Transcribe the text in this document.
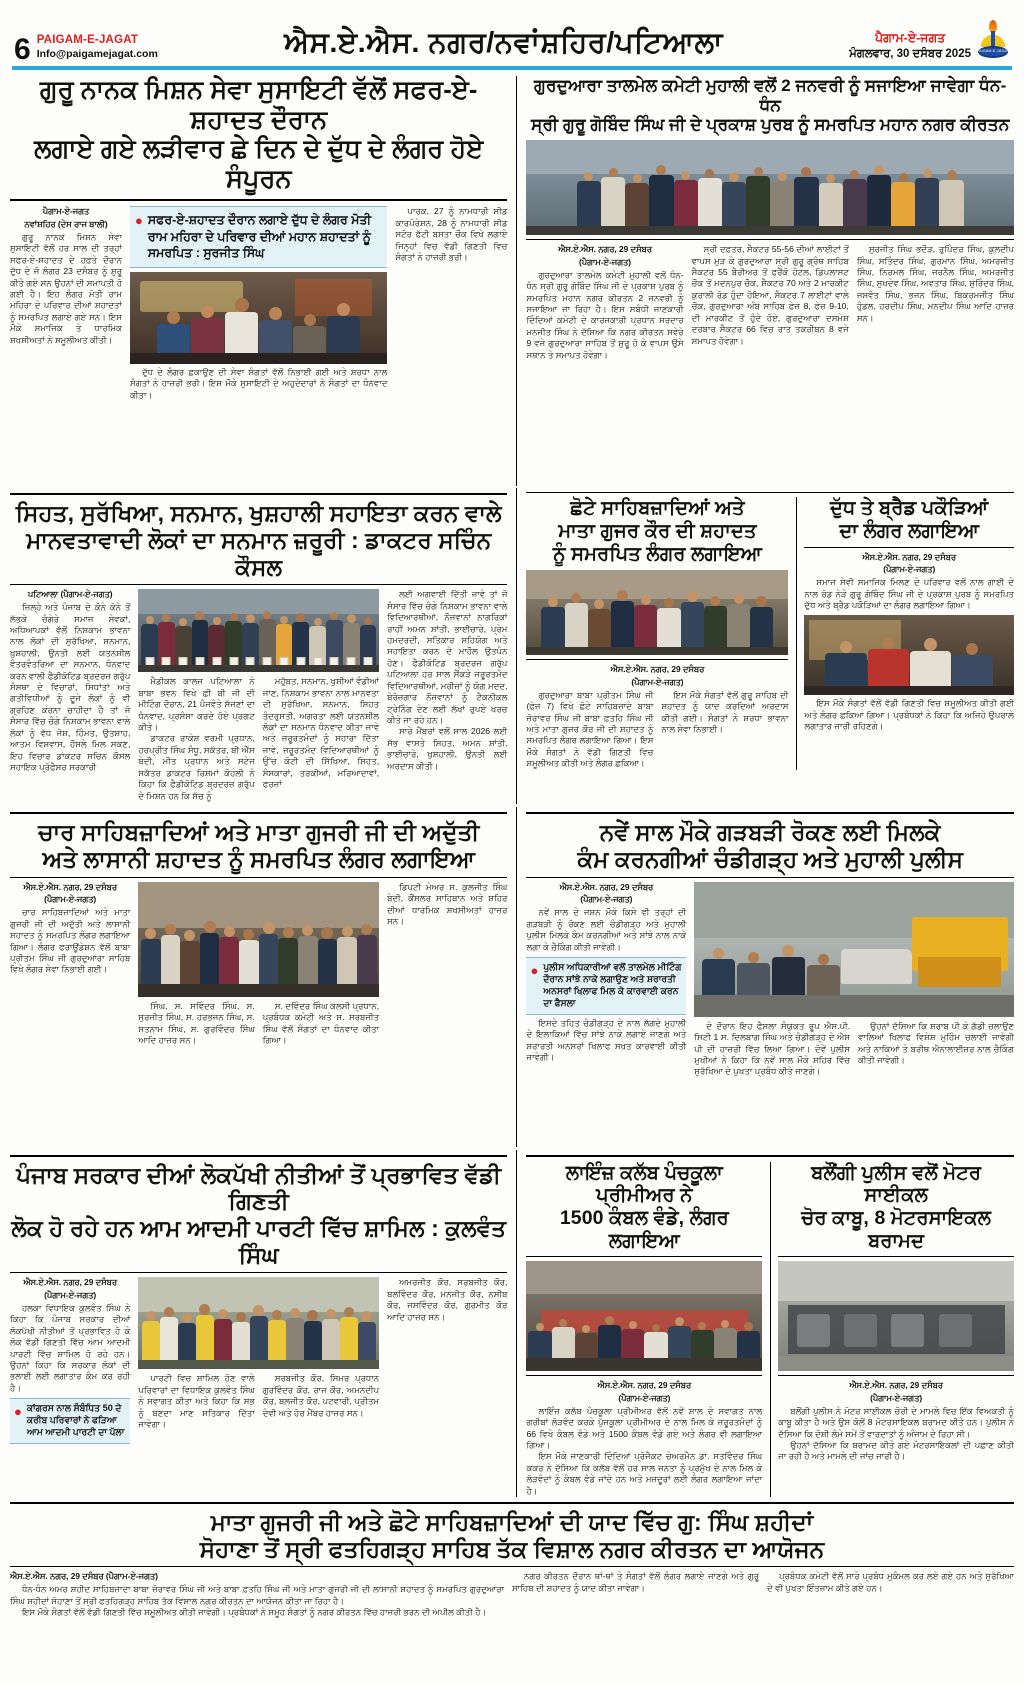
6 PAIGAM-E-JAGAT
Info@paigamejagat.com	ਐਸ.ਏ.ਐਸ. ਨਗਰ/ਨਵਾਂਸ਼ਹਿਰ/ਪਟਿਆਲਾ	ਪੈਗਾਮ-ਏ-ਜਗਤ
ਮੰਗਲਵਾਰ, 30 ਦਸੰਬਰ 2025 PAIGAM-E-JAGAT
ਗੁਰੂ ਨਾਨਕ ਮਿਸ਼ਨ ਸੇਵਾ ਸੁਸਾਇਟੀ ਵੱਲੋਂ ਸਫਰ-ਏ-ਸ਼ਹਾਦਤ ਦੌਰਾਨ
ਲਗਾਏ ਗਏ ਲੜੀਵਾਰ ਛੇ ਦਿਨ ਦੇ ਦੁੱਧ ਦੇ ਲੰਗਰ ਹੋਏ ਸੰਪੂਰਨ
ਪੈਗਾਮ-ਏ-ਜਗਤ
ਨਵਾਂਸ਼ਹਿਰ (ਦੇਸ ਰਾਜ ਬਾਲੀ)

ਗੁਰੂ ਨਾਨਕ ਮਿਸ਼ਨ ਸੇਵਾ ਸੁਸਾਇਟੀ ਵੱਲੋਂ ਹਰ ਸਾਲ ਦੀ ਤਰ੍ਹਾਂ ਸਫਰ-ਏ-ਸ਼ਹਾਦਤ ਦੇ ਹਫ਼ਤੇ ਦੌਰਾਨ ਦੁੱਧ ਦੇ ਜੋ ਲੰਗਰ 23 ਦਸੰਬਰ ਨੂੰ ਸ਼ੁਰੂ ਕੀਤੇ ਗਏ ਸਨ ਉਹਨਾਂ ਦੀ ਸਮਾਪਤੀ ਹੋ ਗਈ ਹੈ। ਇਹ ਲੰਗਰ ਮੋਤੀ ਰਾਮ ਮਹਿਰਾ ਦੇ ਪਰਿਵਾਰ ਦੀਆਂ ਸ਼ਹਾਦਤਾਂ ਨੂੰ ਸਮਰਪਿਤ ਲਗਾਏ ਗਏ ਸਨ। ਇਸ ਮੌਕੇ ਸਮਾਜਿਕ ਤੇ ਧਾਰਮਿਕ ਸ਼ਖਸੀਅਤਾਂ ਨੇ ਸ਼ਮੂਲੀਅਤ ਕੀਤੀ।

● ਸਫਰ-ਏ-ਸ਼ਹਾਦਤ ਦੌਰਾਨ ਲਗਾਏ ਦੁੱਧ ਦੇ ਲੰਗਰ ਮੋਤੀ ਰਾਮ ਮਹਿਰਾ ਦੇ ਪਰਿਵਾਰ ਦੀਆਂ ਮਹਾਨ ਸ਼ਹਾਦਤਾਂ ਨੂੰ ਸਮਰਪਿਤ : ਸੁਰਜੀਤ ਸਿੰਘ

ਦੁੱਧ ਦੇ ਲੰਗਰ ਛਕਾਉਣ ਦੀ ਸੇਵਾ ਸੰਗਤਾਂ ਵੱਲੋਂ ਨਿਭਾਈ ਗਈ ਅਤੇ ਸ਼ਰਧਾ ਨਾਲ ਸੰਗਤਾਂ ਨੇ ਹਾਜ਼ਰੀ ਭਰੀ। ਇਸ ਮੌਕੇ ਸੁਸਾਇਟੀ ਦੇ ਅਹੁਦੇਦਾਰਾਂ ਨੇ ਸੰਗਤਾਂ ਦਾ ਧੰਨਵਾਦ ਕੀਤਾ।

ਪਾਰਕ, 27 ਨੂੰ ਨਾਮਧਾਰੀ ਸੀਡ ਕਾਰਪੋਰੇਸ਼ਨ, 28 ਨੂੰ ਨਾਮਧਾਰੀ ਸੀਡ ਸਟੋਰ ਫੱਟੀ ਬਸਤਾ ਚੌਕ ਵਿਖੇ ਲਗਾਏ ਜਿਨ੍ਹਾਂ ਵਿਚ ਵੱਡੀ ਗਿਣਤੀ ਵਿਚ ਸੰਗਤਾਂ ਨੇ ਹਾਜ਼ਰੀ ਭਰੀ।

ਗੁਰਦੁਆਰਾ ਤਾਲਮੇਲ ਕਮੇਟੀ ਮੁਹਾਲੀ ਵਲੋਂ 2 ਜਨਵਰੀ ਨੂੰ ਸਜਾਇਆ ਜਾਵੇਗਾ ਧੰਨ-ਧੰਨ
ਸ੍ਰੀ ਗੁਰੂ ਗੋਬਿੰਦ ਸਿੰਘ ਜੀ ਦੇ ਪ੍ਰਕਾਸ਼ ਪੁਰਬ ਨੂੰ ਸਮਰਪਿਤ ਮਹਾਨ ਨਗਰ ਕੀਰਤਨ
ਐਸ.ਏ.ਐਸ. ਨਗਰ, 29 ਦਸੰਬਰ
(ਪੈਗਾਮ-ਏ-ਜਗਤ)

ਗੁਰਦੁਆਰਾ ਤਾਲਮੇਲ ਕਮੇਟੀ ਮੁਹਾਲੀ ਵਲੋਂ ਧੰਨ-ਧੰਨ ਸ੍ਰੀ ਗੁਰੂ ਗੋਬਿੰਦ ਸਿੰਘ ਜੀ ਦੇ ਪ੍ਰਕਾਸ਼ ਪੁਰਬ ਨੂੰ ਸਮਰਪਿਤ ਮਹਾਨ ਨਗਰ ਕੀਰਤਨ 2 ਜਨਵਰੀ ਨੂੰ ਸਜਾਇਆ ਜਾ ਰਿਹਾ ਹੈ। ਇਸ ਸਬੰਧੀ ਜਾਣਕਾਰੀ ਦਿੰਦਿਆਂ ਕਮੇਟੀ ਦੇ ਕਾਰਜਕਾਰੀ ਪ੍ਰਧਾਨ ਸਰਦਾਰ ਮਨਜੀਤ ਸਿੰਘ ਨੇ ਦੱਸਿਆ ਕਿ ਨਗਰ ਕੀਰਤਨ ਸਵੇਰੇ 9 ਵਜੇ ਗੁਰਦੁਆਰਾ ਸਾਹਿਬ ਤੋਂ ਸ਼ੁਰੂ ਹੋ ਕੇ ਵਾਪਸ ਉਸੇ ਸਥਾਨ ਤੇ ਸਮਾਪਤ ਹੋਵੇਗਾ।

ਸ੍ਰੀ ਦਫ਼ਤਰ, ਸੈਕਟਰ 55-56 ਦੀਆਂ ਲਾਈਟਾਂ ਤੋਂ ਵਾਪਸ ਮੁੜ ਕੇ ਗੁਰਦੁਆਰਾ ਸ੍ਰੀ ਗੁਰੂ ਗ੍ਰੰਥ ਸਾਹਿਬ ਸੈਕਟਰ 55 ਬੈਰੀਅਰ ਤੋਂ ਫਰੈਂਕੋ ਹੋਟਲ, ਡਿਪਲਾਸਟ ਚੌਕ ਤੋਂ ਮਦਨਪੁਰ ਚੌਕ, ਸੈਕਟਰ 70 ਅਤੇ 2 ਮਾਰਕੀਟ ਕੁਰਾਲੀ ਰੋਡ ਹੁੰਦਾ ਹੋਇਆ, ਸੈਕਟਰ 7 ਲਾਈਟਾਂ ਵਾਲੇ ਚੌਕ, ਗੁਰਦੁਆਰਾ ਅੰਬ ਸਾਹਿਬ ਫੇਜ਼ 8, ਫੇਜ਼ 9-10, ਦੀ ਮਾਰਕੀਟ ਤੋਂ ਹੁੰਦੇ ਹੋਏ, ਗੁਰਦੁਆਰਾ ਦਸਮੇਸ਼ ਦਰਬਾਰ ਸੈਕਟਰ 66 ਵਿਚ ਰਾਤ ਤਕਰੀਬਨ 8 ਵਜੇ ਸਮਾਪਤ ਹੋਵੇਗਾ।

ਸੁਰਜੀਤ ਸਿੰਘ ਭਦੌੜ, ਰੁਪਿੰਦਰ ਸਿੰਘ, ਕੁਲਦੀਪ ਸਿੰਘ, ਸਤਿੰਦਰ ਸਿੰਘ, ਗੁਰਮਾਨ ਸਿੰਘ, ਅਮਰਜੀਤ ਸਿੰਘ, ਨਿਰਮਲ ਸਿੰਘ, ਜਰਨੈਲ ਸਿੰਘ, ਅਮਰਜੀਤ ਸਿੰਘ, ਸੁਖਦੇਵ ਸਿੰਘ, ਅਵਤਾਰ ਸਿੰਘ, ਸੁਰਿੰਦਰ ਸਿੰਘ, ਜਸਵੰਤ ਸਿੰਘ, ਭਜਨ ਸਿੰਘ, ਬਿਕਰਮਜੀਤ ਸਿੰਘ ਹੁੰਡਲ, ਹਰਦੀਪ ਸਿੰਘ, ਮਨਦੀਪ ਸਿੰਘ ਆਦਿ ਹਾਜ਼ਰ ਸਨ।

ਸਿਹਤ, ਸੁਰੱਖਿਆ, ਸਨਮਾਨ, ਖੁਸ਼ਹਾਲੀ ਸਹਾਇਤਾ ਕਰਨ ਵਾਲੇ
ਮਾਨਵਤਾਵਾਦੀ ਲੋਕਾਂ ਦਾ ਸਨਮਾਨ ਜ਼ਰੂਰੀ : ਡਾਕਟਰ ਸਚਿੰਨ ਕੌਸਲ
ਪਟਿਆਲਾ (ਪੈਗਾਮ-ਏ-ਜਗਤ)

ਜ਼ਿਲ੍ਹੇ ਅਤੇ ਪੰਜਾਬ ਦੇ ਕੋਨੇ ਕੋਨੇ ਤੋਂ ਲੱਭਕੇ ਚੰਗੇਰੇ ਸਮਾਜ ਸੇਵਕਾਂ, ਅਧਿਆਪਕਾਂ ਵੱਲੋਂ ਨਿਸ਼ਕਾਮ ਭਾਵਨਾ ਨਾਲ ਲੋਕਾਂ ਦੀ ਸੁਰੱਖਿਆ, ਸਨਮਾਨ, ਖੁਸ਼ਹਾਲੀ, ਉਨਤੀ ਲਈ ਯਤਨਸ਼ੀਲ ਵੰਤਰਵੰਤਰਿਆ ਦਾ ਸਨਮਾਨ, ਧੰਨਵਾਦ ਕਰਨ ਵਾਲੀ ਫੈਡੀਕੋਟਿਡ ਬ੍ਰਦਰਜ਼ ਗਰੁੱਪ ਸੰਸਥਾ ਦੇ ਵਿਚਾਰਾਂ, ਸਿਧਾਂਤਾਂ ਅਤੇ ਗਤੀਵਿਧੀਆਂ ਨੂੰ ਦੂਜੇ ਲੋਕਾਂ ਨੂੰ ਵੀ ਗ੍ਰਹਿਣ ਕਰਨਾ ਚਾਹੀਦਾ ਹੈ ਤਾਂ ਜੋ ਸੰਸਾਰ ਵਿੱਚ ਚੰਗੇ ਨਿਸ਼ਕਾਮ ਭਾਵਨਾ ਵਾਲੇ ਲੋਕਾਂ ਨੂੰ ਵੱਧ ਜੋਸ਼, ਹਿੰਮਤ, ਉਤਸ਼ਾਹ, ਆਤਮ ਵਿਸ਼ਵਾਸ, ਹੌਸਲੇ ਮਿਲ ਸਕਣ, ਇਹ ਵਿਚਾਰ ਡਾਕਟਰ ਸਚਿਨ ਕੌਸਲ ਸਹਾਇਕ ਪ੍ਰੋਫੈਸਰ ਸਰਕਾਰੀ

ਮੈਡੀਕਲ ਕਾਲਜ ਪਟਿਆਲਾ ਨੇ ਬਾਬਾ ਭਵਨ ਵਿਖੇ ਛੀ ਬੀ ਜੀ ਦੀ ਮੀਟਿੰਗ ਦੌਰਾਨ, 21 ਪੰਜਵੰਤੇ ਸੱਜਣਾਂ ਦਾ ਧੰਨਵਾਦ, ਪ੍ਰਸੰਸਾ ਕਰਦੇ ਹੋਏ ਪ੍ਰਗਟ ਕੀਤੇ।

ਡਾਕਟਰ ਰਾਕੇਸ਼ ਵਰਮੀ ਪ੍ਰਧਾਨ, ਹਰਪ੍ਰੀਤ ਸਿੰਘ ਸੰਧੂ, ਸਕੱਤਰ, ਬੀ ਐੱਸ ਬੇਦੀ, ਮੀਤ ਪ੍ਰਧਾਨ ਅਤੇ ਸਟੇਜ ਸਕੱਤਰ ਡਾਕਟਰ ਰਿਸ਼ਮਾਂ ਕੋਹਲੀ ਨੇ ਕਿਹਾ ਕਿ ਫੈਡੀਕੋਟਿਡ ਬ੍ਰਦਰਜ਼ ਗਰੁੱਪ ਦੇ ਮਿਸ਼ਨ ਹਨ ਕਿ ਸੱਚ ਨੂੰ

ਮਹੁੱਬਤ, ਸਨਮਾਨ, ਖੁਸ਼ੀਆਂ ਵੰਡੀਆਂ ਜਾਣ, ਨਿਸ਼ਕਾਮ ਭਾਵਨਾ ਨਾਲ ਮਾਨਵਤਾ ਦੀ ਸੁਰੱਖਿਆ, ਸਨਮਾਨ, ਸਿਹਤ ਤੰਦਰੁਸਤੀ, ਅਗਰਤਾ ਲਈ ਯਤਨਸ਼ੀਲ ਲੋਕਾਂ ਦਾ ਸਨਮਾਨ ਧੰਨਵਾਦ ਕੀਤਾ ਜਾਵੇ ਅਤੇ ਜ਼ਰੂਰਤਮੰਦਾਂ ਨੂੰ ਸਹਾਰਾ ਦਿੱਤਾ ਜਾਵੇ, ਜ਼ਰੂਰਤਮੰਦ ਵਿਦਿਆਰਥੀਆਂ ਨੂੰ ਉੱਚ ਕੋਟੀ ਦੀ ਸਿੱਖਿਆ, ਸਿਹਤ, ਸੰਸਕਾਰਾਂ, ਤਰਕੀਆਂ, ਮਰਿਆਦਾਵਾਂ, ਫਰਜ਼ਾਂ

ਲਈ ਅਗਵਾਈ ਦਿੱਤੀ ਜਾਵੇ ਤਾਂ ਜੋ ਸੰਸਾਰ ਵਿੱਚ ਚੰਗੇ ਨਿਸ਼ਕਾਮ ਭਾਵਨਾ ਵਾਲੇ ਵਿਦਿਆਰਥੀਆਂ, ਨੌਜਵਾਨਾਂ ਨਾਗਰਿਕਾਂ ਰਾਹੀਂ ਅਮਨ ਸ਼ਾਂਤੀ, ਭਾਈਚਾਰੇ, ਪ੍ਰੇਮ ਹਮਦਰਦੀ, ਸਤਿਕਾਰ ਸਹਿਯੋਗ ਅਤੇ ਸਹਾਇਤਾ ਕਰਨ ਦੇ ਮਾਹੌਲ ਉਤਪੰਨ ਹੋਣ। ਫੈਡੀਕੋਟਿਡ ਬ੍ਰਦਰਜ਼ ਗਰੁੱਪ ਪਟਿਆਲਾ ਹਰ ਸਾਲ ਸੈਂਕੜੇ ਜ਼ਰੂਰਤਮੰਦ ਵਿਦਿਆਰਥੀਆਂ, ਮਰੀਜ਼ਾਂ ਨੂੰ ਯੋਗ ਮਦਦ, ਬੇਰੋਜ਼ਗਾਰ ਨੌਜਵਾਨਾਂ ਨੂੰ ਟੈਕਨੀਕਲ ਟ੍ਰੇਨਿੰਗ ਦੇਣ ਲਈ ਲੱਖਾਂ ਰੁਪਏ ਖਰਚ ਕੀਤੇ ਜਾ ਰਹੇ ਹਨ।

ਸਾਰੇ ਮੈਂਬਰਾਂ ਵਲੋਂ ਸਾਲ 2026 ਲਈ ਸੱਭ ਵਾਸਤੇ ਸਿਹਤ, ਅਮਨ ਸ਼ਾਂਤੀ, ਭਾਈਚਾਰੇ, ਖੁਸ਼ਹਾਲੀ, ਉਨਤੀ ਲਈ ਅਰਦਾਸ ਕੀਤੀ।

ਛੋਟੇ ਸਾਹਿਬਜ਼ਾਦਿਆਂ ਅਤੇ
ਮਾਤਾ ਗੁਜਰ ਕੌਰ ਦੀ ਸ਼ਹਾਦਤ
ਨੂੰ ਸਮਰਪਿਤ ਲੰਗਰ ਲਗਾਇਆ
ਐਸ.ਏ.ਐਸ. ਨਗਰ, 29 ਦਸੰਬਰ
(ਪੈਗਾਮ-ਏ-ਜਗਤ)

ਗੁਰਦੁਆਰਾ ਬਾਬਾ ਪ੍ਰੀਤਮ ਸਿੰਘ ਜੀ (ਫੇਜ਼ 7) ਵਿਖੇ ਛੋਟੇ ਸਾਹਿਬਜ਼ਾਦੇ ਬਾਬਾ ਜ਼ੋਰਾਵਰ ਸਿੰਘ ਜੀ ਬਾਬਾ ਫ਼ਤਹਿ ਸਿੰਘ ਜੀ ਅਤੇ ਮਾਤਾ ਗੁਜਰ ਕੌਰ ਜੀ ਦੀ ਸ਼ਹਾਦਤ ਨੂੰ ਸਮਰਪਿਤ ਲੰਗਰ ਲਗਾਇਆ ਗਿਆ। ਇਸ ਮੌਕੇ ਸੰਗਤਾਂ ਨੇ ਵੱਡੀ ਗਿਣਤੀ ਵਿਚ ਸ਼ਮੂਲੀਅਤ ਕੀਤੀ ਅਤੇ ਲੰਗਰ ਛਕਿਆ।

ਇਸ ਮੌਕੇ ਸੰਗਤਾਂ ਵੱਲੋਂ ਗੁਰੂ ਸਾਹਿਬ ਦੀ ਸ਼ਹਾਦਤ ਨੂੰ ਯਾਦ ਕਰਦਿਆਂ ਅਰਦਾਸ ਕੀਤੀ ਗਈ। ਸੰਗਤਾਂ ਨੇ ਸ਼ਰਧਾ ਭਾਵਨਾ ਨਾਲ ਸੇਵਾ ਨਿਭਾਈ।

ਦੁੱਧ ਤੇ ਬ੍ਰੈਡ ਪਕੌੜਿਆਂ
ਦਾ ਲੰਗਰ ਲਗਾਇਆ
ਐਸ.ਏ.ਐਸ. ਨਗਰ, 29 ਦਸੰਬਰ
(ਪੈਗਾਮ-ਏ-ਜਗਤ)

ਸਮਾਜ ਸੇਵੀ ਸਮਾਜਿਕ ਮਿਲਣ ਦੇ ਪਰਿਵਾਰ ਵਲੋਂ ਨਾਲ ਗਾਈ ਦੇ ਨਾਲ ਰੋਡ ਨੇੜੇ ਗੁਰੂ ਗੋਬਿੰਦ ਸਿੰਘ ਜੀ ਦੇ ਪ੍ਰਕਾਸ਼ ਪੁਰਬ ਨੂੰ ਸਮਰਪਿਤ ਦੁੱਧ ਅਤੇ ਬ੍ਰੈਡ ਪਕੌੜਿਆਂ ਦਾ ਲੰਗਰ ਲਗਾਇਆ ਗਿਆ।

ਇਸ ਮੌਕੇ ਸੰਗਤਾਂ ਵੱਲੋਂ ਵੱਡੀ ਗਿਣਤੀ ਵਿਚ ਸ਼ਮੂਲੀਅਤ ਕੀਤੀ ਗਈ ਅਤੇ ਲੰਗਰ ਛਕਿਆ ਗਿਆ। ਪ੍ਰਬੰਧਕਾਂ ਨੇ ਕਿਹਾ ਕਿ ਅਜਿਹੇ ਉਪਰਾਲੇ ਲਗਾਤਾਰ ਜਾਰੀ ਰਹਿਣਗੇ।

ਚਾਰ ਸਾਹਿਬਜ਼ਾਦਿਆਂ ਅਤੇ ਮਾਤਾ ਗੁਜਰੀ ਜੀ ਦੀ ਅਦੁੱਤੀ
ਅਤੇ ਲਾਸਾਨੀ ਸ਼ਹਾਦਤ ਨੂੰ ਸਮਰਪਿਤ ਲੰਗਰ ਲਗਾਇਆ
ਐਸ.ਏ.ਐਸ. ਨਗਰ, 29 ਦਸੰਬਰ
(ਪੈਗਾਮ-ਏ-ਜਗਤ)

ਚਾਰ ਸਾਹਿਬਜ਼ਾਦਿਆਂ ਅਤੇ ਮਾਤਾ ਗੁਜਰੀ ਜੀ ਦੀ ਅਦੁੱਤੀ ਅਤੇ ਲਾਸਾਨੀ ਸ਼ਹਾਦਤ ਨੂੰ ਸਮਰਪਿਤ ਲੰਗਰ ਲਗਾਇਆ ਗਿਆ। ਲੰਗਰ ਫਰਾਊਂਡੇਸ਼ਨ ਵੱਲੋਂ ਬਾਬਾ ਪ੍ਰੀਤਮ ਸਿੰਘ ਜੀ ਗੁਰਦੁਆਰਾ ਸਾਹਿਬ ਵਿਖੇ ਲੰਗਰ ਸੇਵਾ ਨਿਭਾਈ ਗਈ।

ਸਿੰਘ, ਸ. ਸਵਿੰਦਰ ਸਿੰਘ, ਸ. ਸੁਰਜੀਤ ਸਿੰਘ, ਸ. ਹਰਭਜਨ ਸਿੰਘ, ਸ. ਸਤਨਾਮ ਸਿੰਘ, ਸ. ਗੁਰਵਿੰਦਰ ਸਿੰਘ ਆਦਿ ਹਾਜ਼ਰ ਸਨ।

ਸ. ਦਵਿੰਦਰ ਸਿੰਘ ਕਲਸੀ ਪ੍ਰਧਾਨ, ਪ੍ਰਬੰਧਕ ਕਮੇਟੀ ਅਤੇ ਸ. ਸਰਬਜੀਤ ਸਿੰਘ ਵੱਲੋਂ ਸੰਗਤਾਂ ਦਾ ਧੰਨਵਾਦ ਕੀਤਾ ਗਿਆ।

ਡਿਪਟੀ ਮੇਅਰ ਸ. ਕੁਲਜੀਤ ਸਿੰਘ ਬੇਦੀ, ਕੌਂਸਲਰ ਸਾਹਿਬਾਨ ਅਤੇ ਸ਼ਹਿਰ ਦੀਆਂ ਧਾਰਮਿਕ ਸ਼ਖਸੀਅਤਾਂ ਹਾਜ਼ਰ ਸਨ।

ਨਵੇਂ ਸਾਲ ਮੌਕੇ ਗੜਬੜੀ ਰੋਕਣ ਲਈ ਮਿਲਕੇ
ਕੰਮ ਕਰਨਗੀਆਂ ਚੰਡੀਗੜ੍ਹ ਅਤੇ ਮੁਹਾਲੀ ਪੁਲੀਸ
ਐਸ.ਏ.ਐਸ. ਨਗਰ, 29 ਦਸੰਬਰ
(ਪੈਗਾਮ-ਏ-ਜਗਤ)

ਨਵੇਂ ਸਾਲ ਦੇ ਜਸ਼ਨ ਮੌਕੇ ਕਿਸੇ ਵੀ ਤਰ੍ਹਾਂ ਦੀ ਗੜਬੜੀ ਨੂੰ ਰੋਕਣ ਲਈ ਚੰਡੀਗੜ੍ਹ ਅਤੇ ਮੁਹਾਲੀ ਪੁਲੀਸ ਮਿਲਕੇ ਕੰਮ ਕਰਨਗੀਆਂ ਅਤੇ ਸਾਂਝੇ ਨਾਲ ਨਾਕੇ ਲਗਾ ਕੇ ਚੈਕਿੰਗ ਕੀਤੀ ਜਾਵੇਗੀ।

● ਪੁਲੀਸ ਅਧਿਕਾਰੀਆਂ ਵਲੋਂ ਤਾਲਮੇਲ ਮੀਟਿੰਗ ਦੌਰਾਨ ਸਾਂਝੇ ਨਾਕੇ ਲਗਾਉਣ ਅਤੇ ਸ਼ਰਾਰਤੀ ਅਨਸਰਾਂ ਖਿਲਾਫ ਮਿਲ ਕੇ ਕਾਰਵਾਈ ਕਰਨ ਦਾ ਫੈਸਲਾ

ਇਸਦੇ ਤਹਿਤ ਚੰਡੀਗੜ੍ਹ ਦੇ ਨਾਲ ਲੱਗਦੇ ਮੁਹਾਲੀ ਦੇ ਇਲਾਕਿਆਂ ਵਿੱਚ ਸਾਂਝੇ ਨਾਕੇ ਲਗਾਏ ਜਾਣਗੇ ਅਤੇ ਸ਼ਰਾਰਤੀ ਅਨਸਰਾਂ ਖਿਲਾਫ ਸਖ਼ਤ ਕਾਰਵਾਈ ਕੀਤੀ ਜਾਵੇਗੀ।

ਦੇ ਦੌਰਾਨ ਇਹ ਫੈਸਲਾ ਸੰਯੁਕਤ ਰੂਪ ਐਸ.ਪੀ. ਸਿਟੀ 1 ਸ. ਦਿਲਬਾਗ ਸਿੰਘ ਅਤੇ ਚੰਡੀਗੜ੍ਹ ਦੇ ਐਸ ਪੀ ਦੀ ਹਾਜ਼ਰੀ ਵਿੱਚ ਲਿਆ ਗਿਆ। ਦੋਵੇਂ ਪੁਲੀਸ ਮੁਖੀਆਂ ਨੇ ਕਿਹਾ ਕਿ ਨਵੇਂ ਸਾਲ ਮੌਕੇ ਸ਼ਹਿਰ ਵਿੱਚ ਸੁਰੱਖਿਆ ਦੇ ਪੁਖਤਾ ਪ੍ਰਬੰਧ ਕੀਤੇ ਜਾਣਗੇ।

ਉਹਨਾਂ ਦੱਸਿਆ ਕਿ ਸ਼ਰਾਬ ਪੀ ਕੇ ਗੱਡੀ ਚਲਾਉਣ ਵਾਲਿਆਂ ਖਿਲਾਫ ਵਿਸ਼ੇਸ਼ ਮੁਹਿੰਮ ਚਲਾਈ ਜਾਵੇਗੀ ਅਤੇ ਨਾਕਿਆਂ ਤੇ ਬਰੀਥ ਐਨਾਲਾਈਜ਼ਰ ਨਾਲ ਚੈਕਿੰਗ ਕੀਤੀ ਜਾਵੇਗੀ।

ਪੰਜਾਬ ਸਰਕਾਰ ਦੀਆਂ ਲੋਕਪੱਖੀ ਨੀਤੀਆਂ ਤੋਂ ਪ੍ਰਭਾਵਿਤ ਵੱਡੀ ਗਿਣਤੀ
ਲੋਕ ਹੋ ਰਹੇ ਹਨ ਆਮ ਆਦਮੀ ਪਾਰਟੀ ਵਿੱਚ ਸ਼ਾਮਿਲ : ਕੁਲਵੰਤ ਸਿੰਘ
ਐਸ.ਏ.ਐਸ. ਨਗਰ, 29 ਦਸੰਬਰ
(ਪੈਗਾਮ-ਏ-ਜਗਤ)

ਹਲਕਾ ਵਿਧਾਇਕ ਕੁਲਵੰਤ ਸਿੰਘ ਨੇ ਕਿਹਾ ਕਿ ਪੰਜਾਬ ਸਰਕਾਰ ਦੀਆਂ ਲੋਕਪੱਖੀ ਨੀਤੀਆਂ ਤੋਂ ਪ੍ਰਭਾਵਿਤ ਹੋ ਕੇ ਲੋਕ ਵੱਡੀ ਗਿਣਤੀ ਵਿੱਚ ਆਮ ਆਦਮੀ ਪਾਰਟੀ ਵਿੱਚ ਸ਼ਾਮਿਲ ਹੋ ਰਹੇ ਹਨ। ਉਹਨਾਂ ਕਿਹਾ ਕਿ ਸਰਕਾਰ ਲੋਕਾਂ ਦੀ ਭਲਾਈ ਲਈ ਲਗਾਤਾਰ ਕੰਮ ਕਰ ਰਹੀ ਹੈ।

● ਕਾਂਗਰਸ ਨਾਲ ਸੰਬੰਧਿਤ 50 ਦੇ ਕਰੀਬ ਪਰਿਵਾਰਾਂ ਨੇ ਫੜਿਆ ਆਮ ਆਦਮੀ ਪਾਰਟੀ ਦਾ ਪੱਲਾ

ਪਾਰਟੀ ਵਿਚ ਸ਼ਾਮਿਲ ਹੋਣ ਵਾਲੇ ਪਰਿਵਾਰਾਂ ਦਾ ਵਿਧਾਇਕ ਕੁਲਵੰਤ ਸਿੰਘ ਨੇ ਸਵਾਗਤ ਕੀਤਾ ਅਤੇ ਕਿਹਾ ਕਿ ਸਭ ਨੂੰ ਬਣਦਾ ਮਾਣ ਸਤਿਕਾਰ ਦਿੱਤਾ ਜਾਵੇਗਾ।

ਸਰਬਜੀਤ ਕੌਰ, ਸਿਮਰ ਪ੍ਰਧਾਨ ਗੁਰਵਿੰਦਰ ਕੌਰ, ਰਾਜ ਕੌਰ, ਅਮਨਦੀਪ ਕੌਰ, ਬਲਜੀਤ ਕੌਰ, ਪਟਵਾਰੀ, ਪ੍ਰੀਤਮ ਦੇਵੀ ਅਤੇ ਹੋਰ ਮੈਂਬਰ ਹਾਜ਼ਰ ਸਨ।

ਅਮਰਜੀਤ ਕੌਰ, ਸਰਬਜੀਤ ਕੌਰ, ਬਲਵਿੰਦਰ ਕੌਰ, ਮਨਜੀਤ ਕੌਰ, ਨਸੀਬ ਕੌਰ, ਜਸਵਿੰਦਰ ਕੌਰ, ਗੁਰਮੀਤ ਕੌਰ ਆਦਿ ਹਾਜ਼ਰ ਸਨ।

ਲਾਇੰਜ਼ ਕਲੱਬ ਪੰਚਕੂਲਾ ਪ੍ਰੀਮੀਅਰ ਨੇ
1500 ਕੰਬਲ ਵੰਡੇ, ਲੰਗਰ ਲਗਾਇਆ
ਐਸ.ਏ.ਐਸ. ਨਗਰ, 29 ਦਸੰਬਰ
(ਪੈਗਾਮ-ਏ-ਜਗਤ)

ਲਾਇੰਜ਼ ਕਲੱਬ ਪੰਚਕੂਲਾ ਪ੍ਰੀਮੀਅਰ ਵੱਲੋਂ ਨਵੇਂ ਸਾਲ ਦੇ ਸਵਾਗਤ ਨਾਲ ਗਰੀਬਾਂ ਲੋੜਵੰਦ ਕਰਕੇ ਪੁੱਜਕੂਲਾ ਪ੍ਰੀਮੀਅਰ ਦੇ ਨਾਲ ਮਿਲ ਕੇ ਜ਼ਰੂਰਤਮੰਦਾਂ ਨੂੰ 66 ਵਿਖੇ ਕੰਬਲ ਵੰਡੇ ਅਤੇ 1500 ਕੰਬਲ ਵੰਡੇ ਗਏ ਅਤੇ ਲੰਗਰ ਵੀ ਲਗਾਇਆ ਗਿਆ।

ਇਸ ਮੌਕੇ ਜਾਣਕਾਰੀ ਦਿੰਦਿਆਂ ਪ੍ਰੋਜੈਕਟ ਚੇਅਰਮੈਨ ਡਾ. ਸਤਵਿੰਦਰ ਸਿੰਘ ਕਕਰ ਨੇ ਦੱਸਿਆ ਕਿ ਕਲੱਬ ਵੱਲੋਂ ਹਰ ਸਾਲ ਜਨਤਾ ਨੂੰ ਪ੍ਰਮੁੱਖ ਦੇ ਨਾਲ ਮਿਲ ਕੇ ਲੋੜਵੰਦਾਂ ਨੂੰ ਕੰਬਲ ਵੰਡੇ ਜਾਂਦੇ ਹਨ ਅਤੇ ਮਜ਼ਦੂਰਾਂ ਲਈ ਲੰਗਰ ਲਗਾਇਆ ਜਾਂਦਾ ਹੈ।

ਬਲੌਂਗੀ ਪੁਲੀਸ ਵਲੋਂ ਮੋਟਰ ਸਾਈਕਲ
ਚੋਰ ਕਾਬੂ, 8 ਮੋਟਰਸਾਇਕਲ ਬਰਾਮਦ
ਐਸ.ਏ.ਐਸ. ਨਗਰ, 29 ਦਸੰਬਰ
(ਪੈਗਾਮ-ਏ-ਜਗਤ)

ਬਲੌਂਗੀ ਪੁਲੀਸ ਨੇ ਮੋਟਰ ਸਾਈਕਲ ਚੋਰੀ ਦੇ ਮਾਮਲੇ ਵਿਚ ਇੱਕ ਵਿਅਕਤੀ ਨੂੰ ਕਾਬੂ ਕੀਤਾ ਹੈ ਅਤੇ ਉਸ ਕੋਲੋਂ 8 ਮੋਟਰਸਾਇਕਲ ਬਰਾਮਦ ਕੀਤੇ ਹਨ। ਪੁਲੀਸ ਨੇ ਦੱਸਿਆ ਕਿ ਦੋਸ਼ੀ ਲੰਮੇ ਸਮੇਂ ਤੋਂ ਵਾਰਦਾਤਾਂ ਨੂੰ ਅੰਜਾਮ ਦੇ ਰਿਹਾ ਸੀ।

ਉਹਨਾਂ ਦੱਸਿਆ ਕਿ ਬਰਾਮਦ ਕੀਤੇ ਗਏ ਮੋਟਰਸਾਇਕਲਾਂ ਦੀ ਪਛਾਣ ਕੀਤੀ ਜਾ ਰਹੀ ਹੈ ਅਤੇ ਮਾਮਲੇ ਦੀ ਜਾਂਚ ਜਾਰੀ ਹੈ।

ਮਾਤਾ ਗੁਜਰੀ ਜੀ ਅਤੇ ਛੋਟੇ ਸਾਹਿਬਜ਼ਾਦਿਆਂ ਦੀ ਯਾਦ ਵਿੱਚ ਗੁ: ਸਿੰਘ ਸ਼ਹੀਦਾਂ
ਸੋਹਾਣਾ ਤੋਂ ਸ੍ਰੀ ਫਤਹਿਗੜ੍ਹ ਸਾਹਿਬ ਤੱਕ ਵਿਸ਼ਾਲ ਨਗਰ ਕੀਰਤਨ ਦਾ ਆਯੋਜਨ
ਐਸ.ਏ.ਐਸ. ਨਗਰ, 29 ਦਸੰਬਰ (ਪੈਗਾਮ-ਏ-ਜਗਤ)

ਧੰਨ-ਧੰਨ ਅਮਰ ਸ਼ਹੀਦ ਸਾਹਿਬਜ਼ਾਦਾ ਬਾਬਾ ਜ਼ੋਰਾਵਰ ਸਿੰਘ ਜੀ ਅਤੇ ਬਾਬਾ ਫ਼ਤਹਿ ਸਿੰਘ ਜੀ ਅਤੇ ਮਾਤਾ ਗੁਜਰੀ ਜੀ ਦੀ ਲਾਸਾਨੀ ਸ਼ਹਾਦਤ ਨੂੰ ਸਮਰਪਿਤ ਗੁਰਦੁਆਰਾ ਸਿੰਘ ਸ਼ਹੀਦਾਂ ਸੋਹਾਣਾ ਤੋਂ ਸ੍ਰੀ ਫਤਹਿਗੜ੍ਹ ਸਾਹਿਬ ਤੱਕ ਵਿਸ਼ਾਲ ਨਗਰ ਕੀਰਤਨ ਦਾ ਆਯੋਜਨ ਕੀਤਾ ਜਾ ਰਿਹਾ ਹੈ।

ਇਸ ਮੌਕੇ ਸੰਗਤਾਂ ਵੱਲੋਂ ਵੱਡੀ ਗਿਣਤੀ ਵਿੱਚ ਸ਼ਮੂਲੀਅਤ ਕੀਤੀ ਜਾਵੇਗੀ। ਪ੍ਰਬੰਧਕਾਂ ਨੇ ਸਮੂਹ ਸੰਗਤਾਂ ਨੂੰ ਨਗਰ ਕੀਰਤਨ ਵਿੱਚ ਹਾਜ਼ਰੀ ਭਰਨ ਦੀ ਅਪੀਲ ਕੀਤੀ ਹੈ।

ਨਗਰ ਕੀਰਤਨ ਦੌਰਾਨ ਥਾਂ-ਥਾਂ ਤੇ ਸੰਗਤਾਂ ਵੱਲੋਂ ਲੰਗਰ ਲਗਾਏ ਜਾਣਗੇ ਅਤੇ ਗੁਰੂ ਸਾਹਿਬ ਦੀ ਸ਼ਹਾਦਤ ਨੂੰ ਯਾਦ ਕੀਤਾ ਜਾਵੇਗਾ।

ਪ੍ਰਬੰਧਕ ਕਮੇਟੀ ਵੱਲੋਂ ਸਾਰੇ ਪ੍ਰਬੰਧ ਮੁਕੰਮਲ ਕਰ ਲਏ ਗਏ ਹਨ ਅਤੇ ਸੁਰੱਖਿਆ ਦੇ ਵੀ ਪੁਖਤਾ ਇੰਤਜ਼ਾਮ ਕੀਤੇ ਗਏ ਹਨ।
